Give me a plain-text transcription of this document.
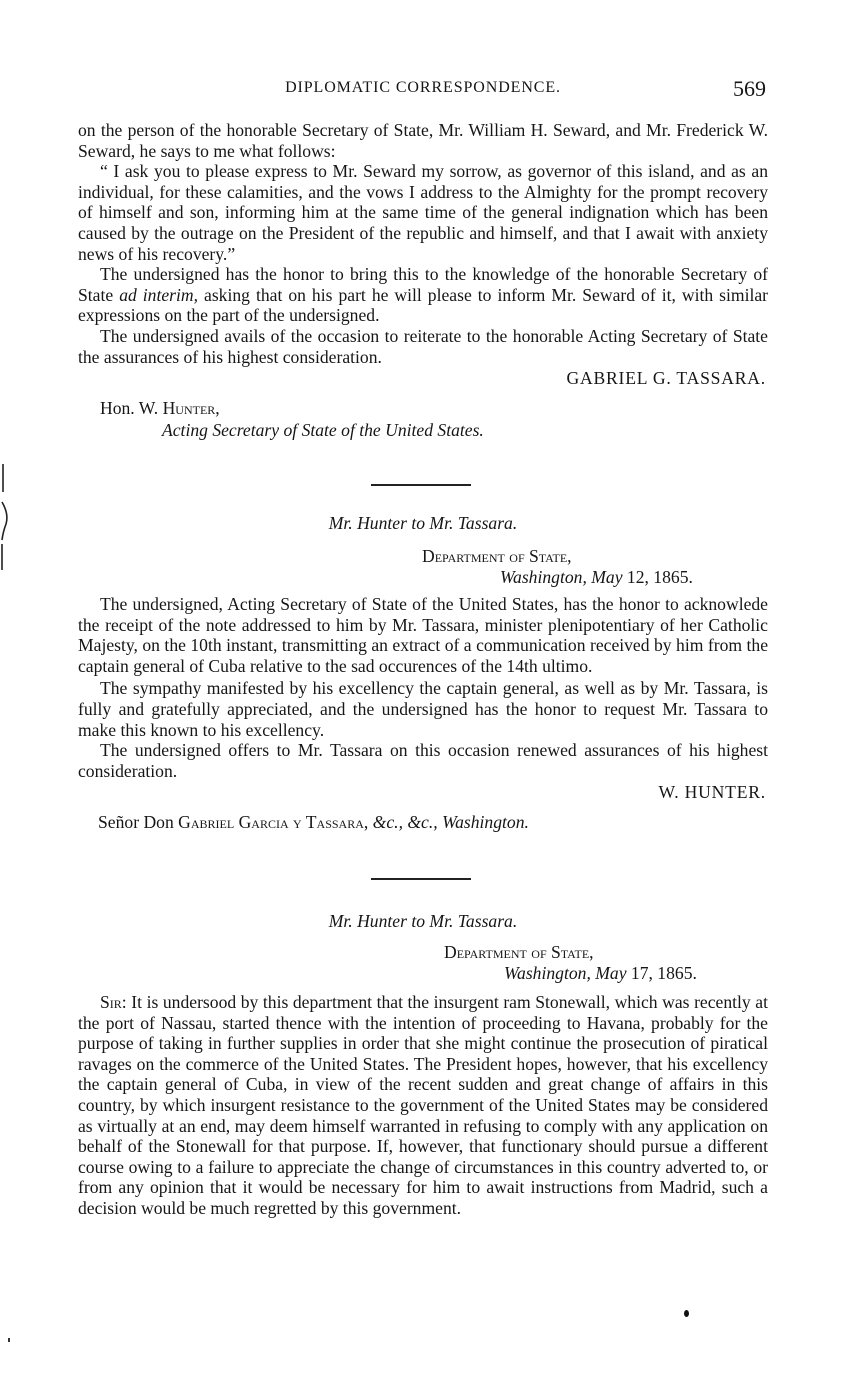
DIPLOMATIC CORRESPONDENCE.	569

on the person of the honorable Secretary of State, Mr. William H. Seward, and Mr. Frederick W. Seward, he says to me what follows:

“ I ask you to please express to Mr. Seward my sorrow, as governor of this island, and as an individual, for these calamities, and the vows I address to the Almighty for the prompt recovery of himself and son, informing him at the same time of the general indignation which has been caused by the outrage on the President of the republic and himself, and that I await with anxiety news of his recovery.”

The undersigned has the honor to bring this to the knowledge of the honorable Secretary of State ad interim, asking that on his part he will please to inform Mr. Seward of it, with similar expressions on the part of the undersigned.

The undersigned avails of the occasion to reiterate to the honorable Acting Secretary of State the assurances of his highest consideration.

GABRIEL G. TASSARA.
Hon. W. Hunter,
Acting Secretary of State of the United States.
Mr. Hunter to Mr. Tassara.
Department of State,
Washington, May 12, 1865.

The undersigned, Acting Secretary of State of the United States, has the honor to acknowlede the receipt of the note addressed to him by Mr. Tassara, minister plenipotentiary of her Catholic Majesty, on the 10th instant, transmitting an extract of a communication received by him from the captain general of Cuba relative to the sad occurences of the 14th ultimo.

The sympathy manifested by his excellency the captain general, as well as by Mr. Tassara, is fully and gratefully appreciated, and the undersigned has the honor to request Mr. Tassara to make this known to his excellency.

The undersigned offers to Mr. Tassara on this occasion renewed assurances of his highest consideration.

W. HUNTER.
Señor Don Gabriel Garcia y Tassara, &c., &c., Washington.
Mr. Hunter to Mr. Tassara.
Department of State,
Washington, May 17, 1865.

Sir: It is undersood by this department that the insurgent ram Stonewall, which was recently at the port of Nassau, started thence with the intention of proceeding to Havana, probably for the purpose of taking in further supplies in order that she might continue the prosecution of piratical ravages on the commerce of the United States. The President hopes, however, that his excellency the captain general of Cuba, in view of the recent sudden and great change of affairs in this country, by which insurgent resistance to the government of the United States may be considered as virtually at an end, may deem himself warranted in refusing to comply with any application on behalf of the Stonewall for that purpose. If, however, that functionary should pursue a different course owing to a failure to appreciate the change of circumstances in this country adverted to, or from any opinion that it would be necessary for him to await instructions from Madrid, such a decision would be much regretted by this government.
